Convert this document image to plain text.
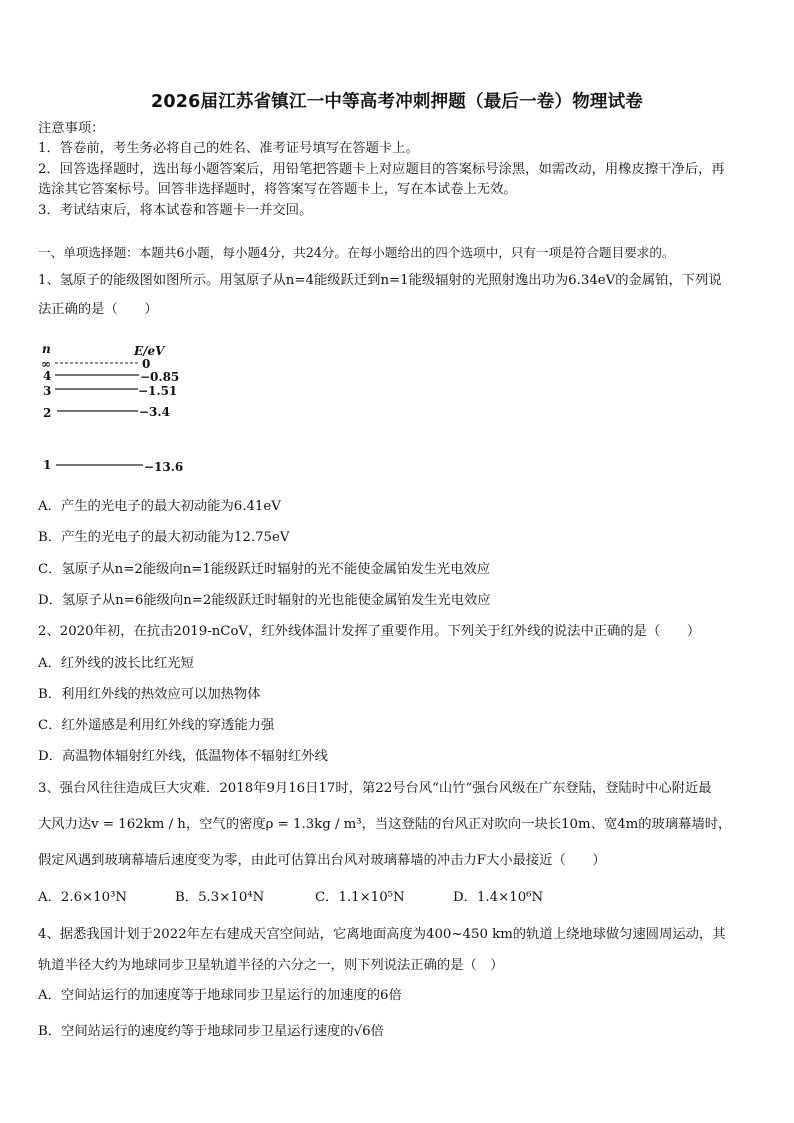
2026届江苏省镇江一中等高考冲刺押题（最后一卷）物理试卷
注意事项：
1．答卷前，考生务必将自己的姓名、准考证号填写在答题卡上。
2．回答选择题时，选出每小题答案后，用铅笔把答题卡上对应题目的答案标号涂黑，如需改动，用橡皮擦干净后，再
选涂其它答案标号。回答非选择题时，将答案写在答题卡上，写在本试卷上无效。
3．考试结束后，将本试卷和答题卡一并交回。
一、单项选择题：本题共6小题，每小题4分，共24分。在每小题给出的四个选项中，只有一项是符合题目要求的。
1、氢原子的能级图如图所示。用氢原子从n=4能级跃迁到n=1能级辐射的光照射逸出功为6.34eV的金属铂，下列说
法正确的是（　　）
n	E/eV
∞	0
4	−0.85
3	−1.51
2	−3.4
1	−13.6
A．产生的光电子的最大初动能为6.41eV
B．产生的光电子的最大初动能为12.75eV
C．氢原子从n=2能级向n=1能级跃迁时辐射的光不能使金属铂发生光电效应
D．氢原子从n=6能级向n=2能级跃迁时辐射的光也能使金属铂发生光电效应
2、2020年初，在抗击2019-nCoV，红外线体温计发挥了重要作用。下列关于红外线的说法中正确的是（　　）
A．红外线的波长比红光短
B．利用红外线的热效应可以加热物体
C．红外遥感是利用红外线的穿透能力强
D．高温物体辐射红外线，低温物体不辐射红外线
3、强台风往往造成巨大灾难．2018年9月16日17时，第22号台风“山竹”强台风级在广东登陆，登陆时中心附近最
大风力达v = 162km / h，空气的密度ρ = 1.3kg / m³，当这登陆的台风正对吹向一块长10m、宽4m的玻璃幕墙时，
假定风遇到玻璃幕墙后速度变为零，由此可估算出台风对玻璃幕墙的冲击力F大小最接近（　　）
A．2.6×10³N	B．5.3×10⁴N	C．1.1×10⁵N	D．1.4×10⁶N
4、据悉我国计划于2022年左右建成天宫空间站，它离地面高度为400~450 km的轨道上绕地球做匀速圆周运动，其
轨道半径大约为地球同步卫星轨道半径的六分之一，则下列说法正确的是（　）
A．空间站运行的加速度等于地球同步卫星运行的加速度的6倍
B．空间站运行的速度约等于地球同步卫星运行速度的√6倍
